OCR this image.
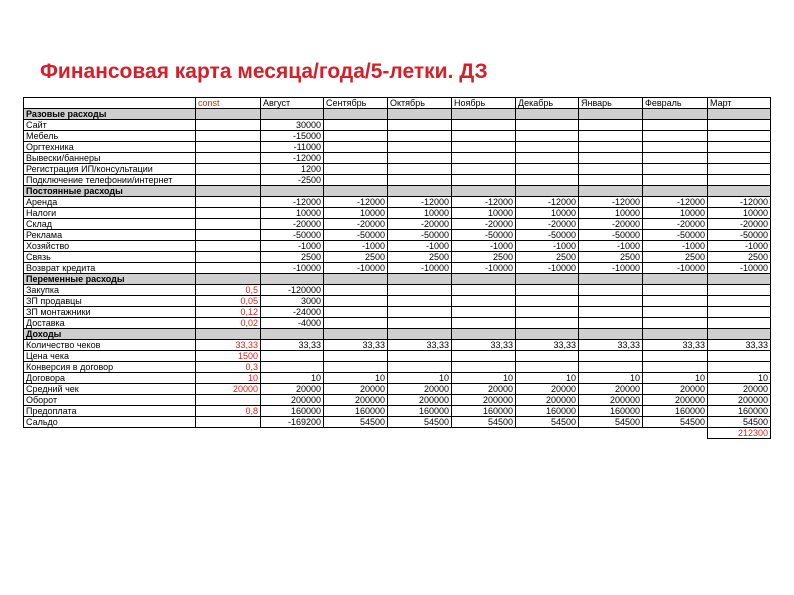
Финансовая карта месяца/года/5-летки. ДЗ
	const	Август	Сентябрь	Октябрь	Ноябрь	Декабрь	Январь	Февраль	Март
Разовые расходы									
Сайт		30000							
Мебель		-15000							
Оргтехника		-11000							
Вывески/баннеры		-12000							
Регистрация ИП/консультации		1200							
Подключение телефонии/интернет		-2500							
Постоянные расходы									
Аренда		-12000	-12000	-12000	-12000	-12000	-12000	-12000	-12000
Налоги		10000	10000	10000	10000	10000	10000	10000	10000
Склад		-20000	-20000	-20000	-20000	-20000	-20000	-20000	-20000
Реклама		-50000	-50000	-50000	-50000	-50000	-50000	-50000	-50000
Хозяйство		-1000	-1000	-1000	-1000	-1000	-1000	-1000	-1000
Связь		2500	2500	2500	2500	2500	2500	2500	2500
Возврат кредита		-10000	-10000	-10000	-10000	-10000	-10000	-10000	-10000
Переменные расходы									
Закупка	0,5	-120000							
ЗП продавцы	0,05	3000							
ЗП монтажники	0,12	-24000							
Доставка	0,02	-4000							
Доходы									
Количество чеков	33,33	33,33	33,33	33,33	33,33	33,33	33,33	33,33	33,33
Цена чека	1500								
Конверсия в договор	0,3								
Договора	10	10	10	10	10	10	10	10	10
Средний чек	20000	20000	20000	20000	20000	20000	20000	20000	20000
Оборот		200000	200000	200000	200000	200000	200000	200000	200000
Предоплата	0,8	160000	160000	160000	160000	160000	160000	160000	160000
Сальдо		-169200	54500	54500	54500	54500	54500	54500	54500
									212300
